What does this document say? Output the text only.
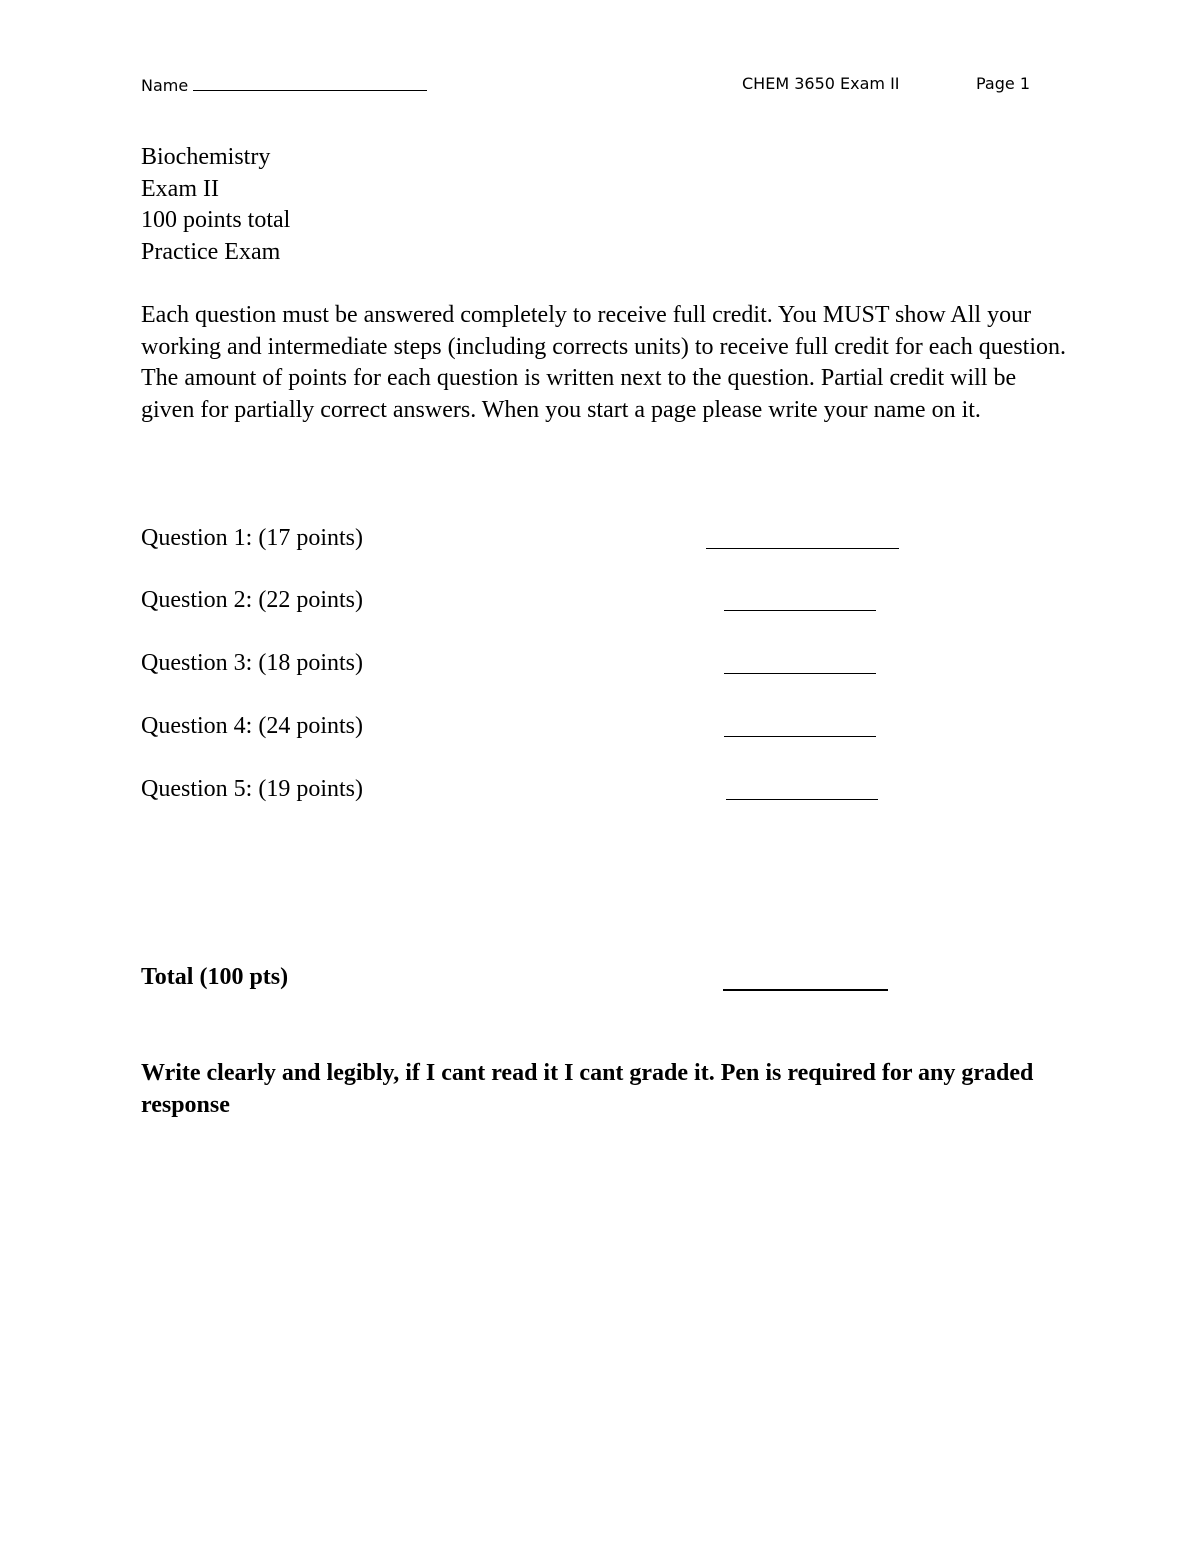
Name	CHEM 3650 Exam II	Page 1
Biochemistry
Exam II
100 points total
Practice Exam
Each question must be answered completely to receive full credit. You MUST show All your working and intermediate steps (including corrects units) to receive full credit for each question. The amount of points for each question is written next to the question. Partial credit will be given for partially correct answers. When you start a page please write your name on it.
Question 1: (17 points)
Question 2: (22 points)
Question 3: (18 points)
Question 4: (24 points)
Question 5: (19 points)
Total (100 pts)
Write clearly and legibly, if I cant read it I cant grade it. Pen is required for any graded response
